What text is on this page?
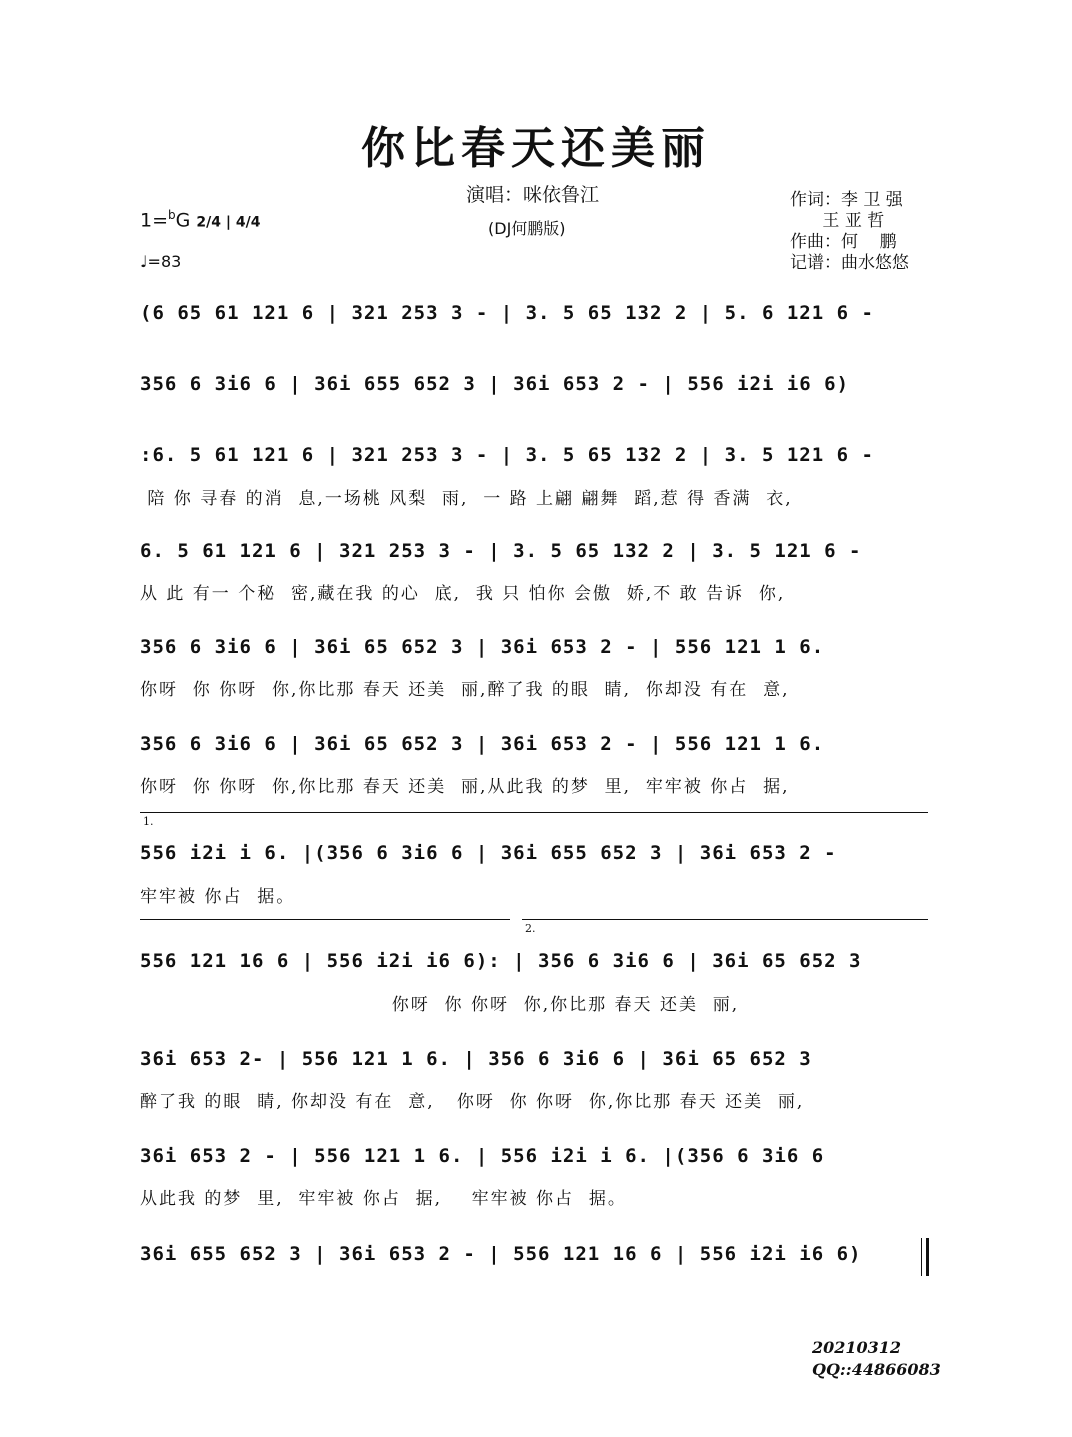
你比春天还美丽
演唱：咪依鲁江
(DJ何鹏版)
作词：李 卫 强
王 亚 哲
作曲：何    鹏
记谱：曲水悠悠
1=$^b$G 2/4 | 4/4
♩=83
(6 65 61 121 6 | 321 253 3 - | 3. 5 65 132 2 | 5. 6 121 6 -
356 6 3i6 6 | 36i 655 652 3 | 36i 653 2 - | 556 i2i i6 6)
:6. 5 61 121 6 | 321 253 3 - | 3. 5 65 132 2 | 3. 5 121 6 -
陪 你 寻春 的消  息,一场桃 风梨  雨,  一 路 上翩 翩舞  蹈,惹 得 香满  衣,
6. 5 61 121 6 | 321 253 3 - | 3. 5 65 132 2 | 3. 5 121 6 -
从 此 有一 个秘  密,藏在我 的心  底,  我 只 怕你 会傲  娇,不 敢 告诉  你,
356 6 3i6 6 | 36i 65 652 3 | 36i 653 2 - | 556 121 1 6.
你呀  你 你呀  你,你比那 春天 还美  丽,醉了我 的眼  睛,  你却没 有在  意,
356 6 3i6 6 | 36i 65 652 3 | 36i 653 2 - | 556 121 1 6.
你呀  你 你呀  你,你比那 春天 还美  丽,从此我 的梦  里,  牢牢被 你占  据,
1.
556 i2i i 6. |(356 6 3i6 6 | 36i 655 652 3 | 36i 653 2 -
牢牢被 你占  据。
2.
556 121 16 6 | 556 i2i i6 6): | 356 6 3i6 6 | 36i 65 652 3
你呀  你 你呀  你,你比那 春天 还美  丽,
36i 653 2- | 556 121 1 6. | 356 6 3i6 6 | 36i 65 652 3
醉了我 的眼  睛, 你却没 有在  意,   你呀  你 你呀  你,你比那 春天 还美  丽,
36i 653 2 - | 556 121 1 6. | 556 i2i i 6. |(356 6 3i6 6
从此我 的梦  里,  牢牢被 你占  据,    牢牢被 你占  据。
36i 655 652 3 | 36i 653 2 - | 556 121 16 6 | 556 i2i i6 6)
20210312
QQ::44866083
